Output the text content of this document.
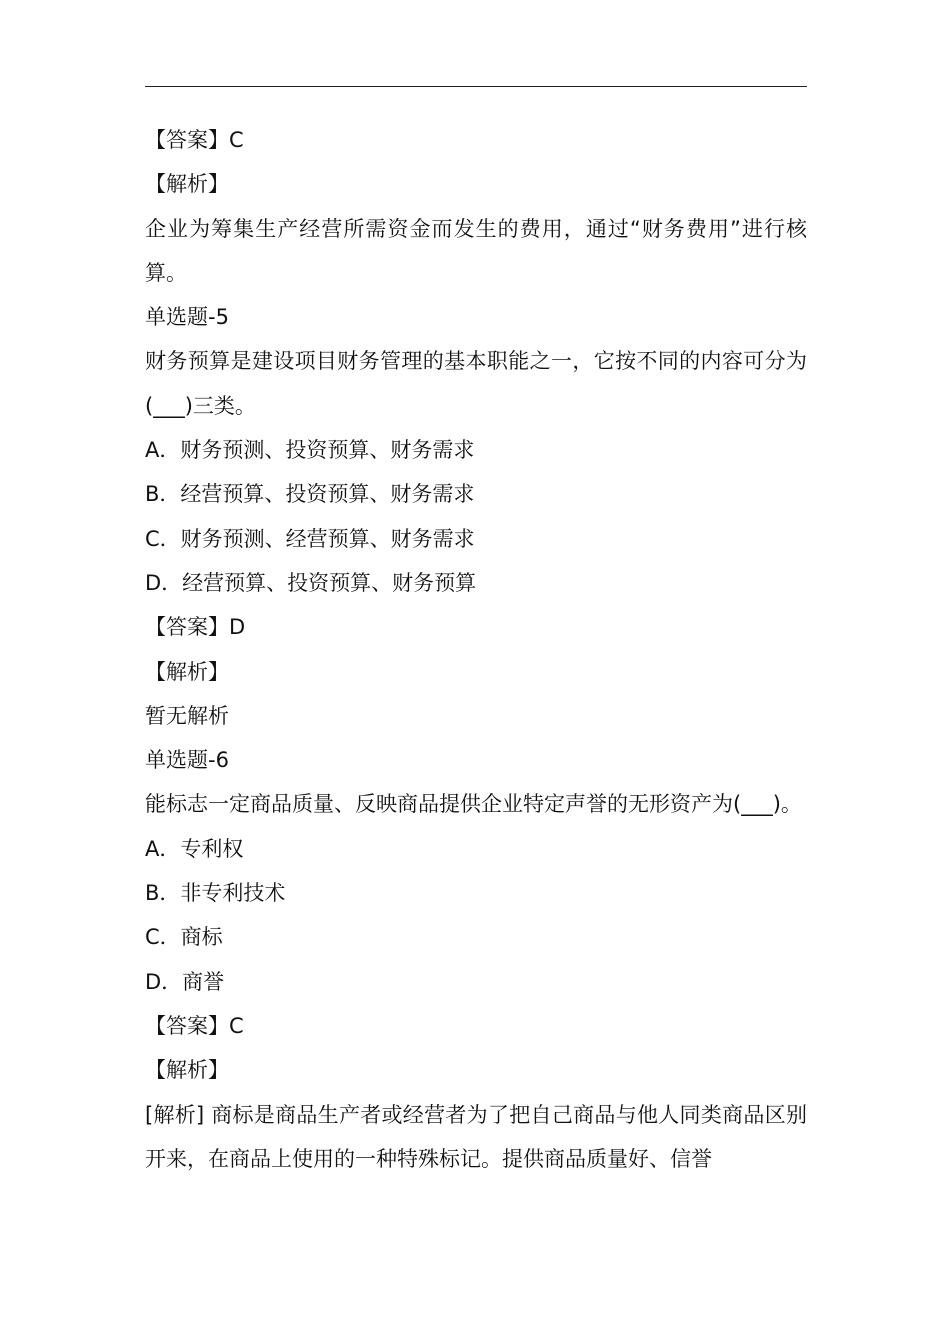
【答案】C
【解析】
企业为筹集生产经营所需资金而发生的费用，通过“财务费用”进行核算。
单选题-5
财务预算是建设项目财务管理的基本职能之一，它按不同的内容可分为(___)三类。
A．财务预测、投资预算、财务需求
B．经营预算、投资预算、财务需求
C．财务预测、经营预算、财务需求
D．经营预算、投资预算、财务预算
【答案】D
【解析】
暂无解析
单选题-6
能标志一定商品质量、反映商品提供企业特定声誉的无形资产为(___)。
A．专利权
B．非专利技术
C．商标
D．商誉
【答案】C
【解析】
[解析] 商标是商品生产者或经营者为了把自己商品与他人同类商品区别开来，在商品上使用的一种特殊标记。提供商品质量好、信誉
